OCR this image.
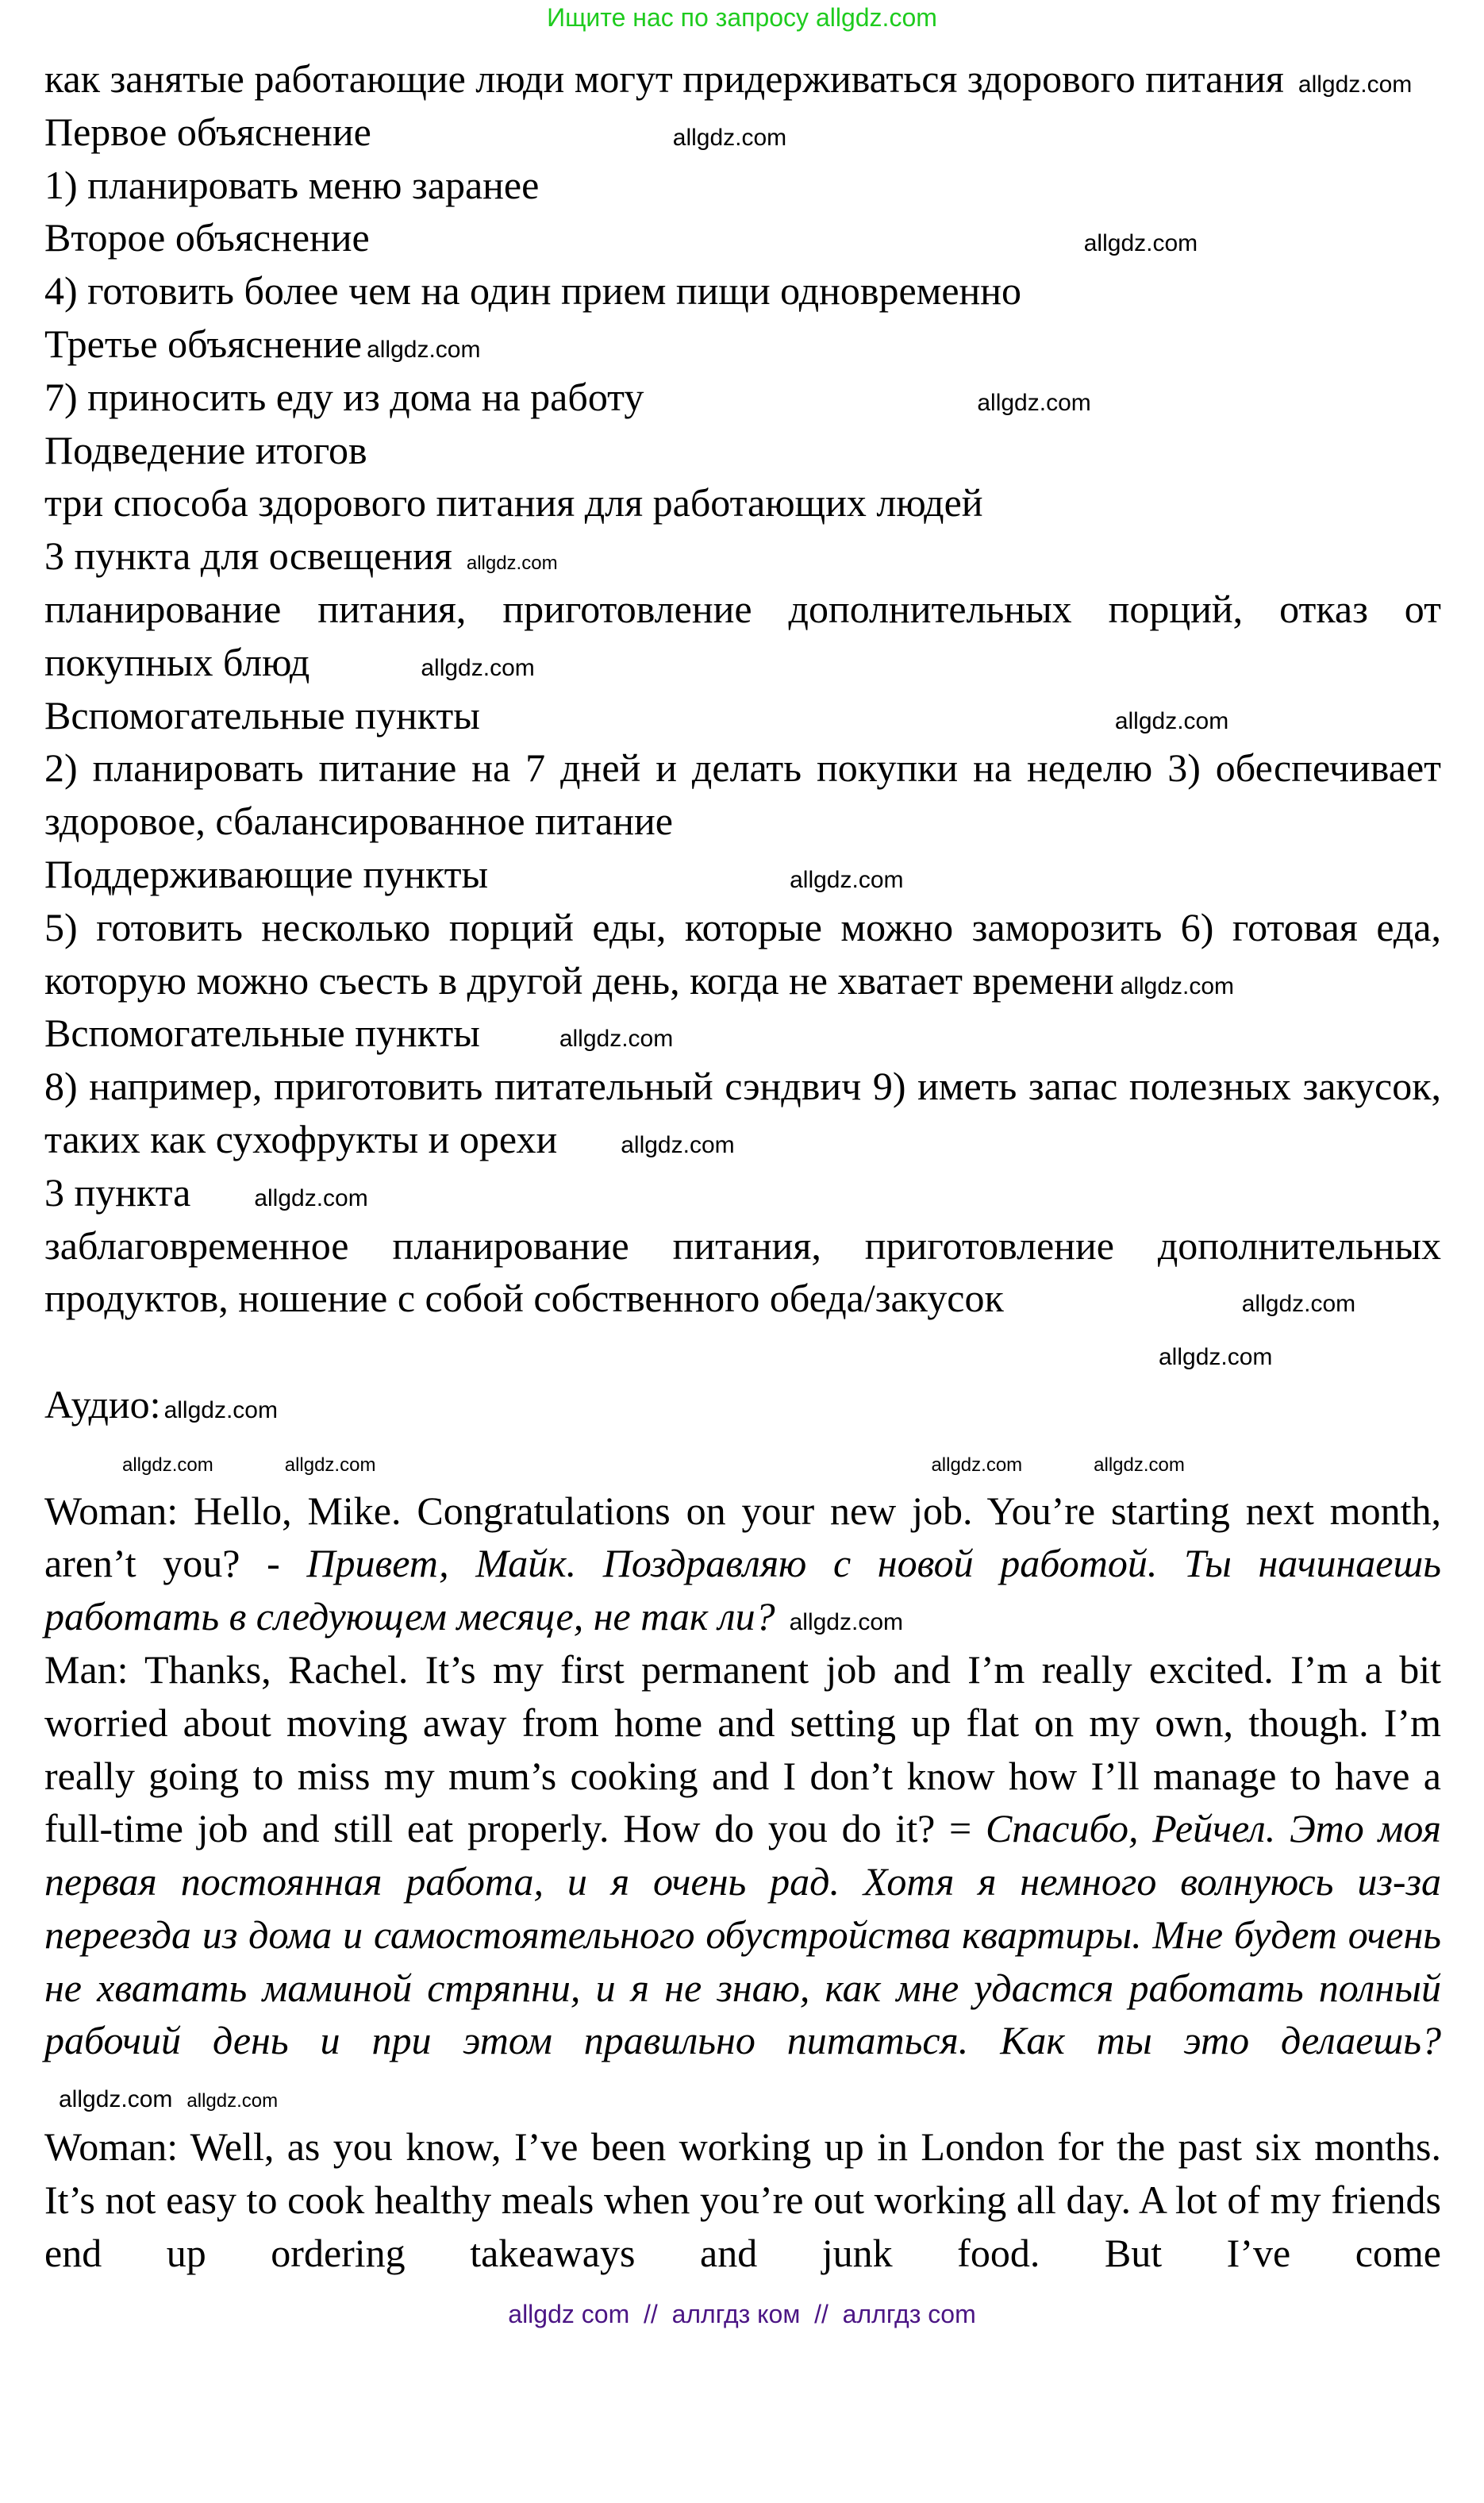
Ищите нас по запросу allgdz.com
как занятые работающие люди могут придерживаться здорового питания allgdz.com
Первое объяснение	allgdz.com
1) планировать меню заранее
Второе объяснение	allgdz.com
4) готовить более чем на один прием пищи одновременно
Третье объяснение allgdz.com
7) приносить еду из дома на работу	allgdz.com
Подведение итогов
три способа здорового питания для работающих людей
3 пункта для освещения allgdz.com
планирование питания, приготовление дополнительных порций, отказ от покупных блюд	allgdz.com
Вспомогательные пункты	allgdz.com
2) планировать питание на 7 дней и делать покупки на неделю 3) обеспечивает здоровое, сбалансированное питание
Поддерживающие пункты	allgdz.com
5) готовить несколько порций еды, которые можно заморозить 6) готовая еда, которую можно съесть в другой день, когда не хватает времени allgdz.com
Вспомогательные пункты	allgdz.com
8) например, приготовить питательный сэндвич 9) иметь запас полезных закусок, таких как сухофрукты и орехи	allgdz.com
3 пункта	allgdz.com
заблаговременное планирование питания, приготовление дополнительных продуктов, ношение с собой собственного обеда/закусок	allgdz.com
allgdz.com
Аудио: allgdz.com
allgdz.com	allgdz.com	allgdz.com	allgdz.com
Woman: Hello, Mike. Congratulations on your new job. You’re starting next month, aren’t you? - Привет, Майк. Поздравляю с новой работой. Ты начинаешь работать в следующем месяце, не так ли? allgdz.com
Man: Thanks, Rachel. It’s my first permanent job and I’m really excited. I’m a bit worried about moving away from home and setting up flat on my own, though. I’m really going to miss my mum’s cooking and I don’t know how I’ll manage to have a full-time job and still eat properly. How do you do it? = Спасибо, Рейчел. Это моя первая постоянная работа, и я очень рад. Хотя я немного волнуюсь из-за переезда из дома и самостоятельного обустройства квартиры. Мне будет очень не хватать маминой стряпни, и я не знаю, как мне удастся работать полный рабочий день и при этом правильно питаться. Как ты это делаешь?allgdz.com allgdz.com
Woman: Well, as you know, I’ve been working up in London for the past six months. It’s not easy to cook healthy meals when you’re out working all day. A lot of my friends end up ordering takeaways and junk food. But I’ve come
allgdz com  //  аллгдз ком  //  аллгдз com
